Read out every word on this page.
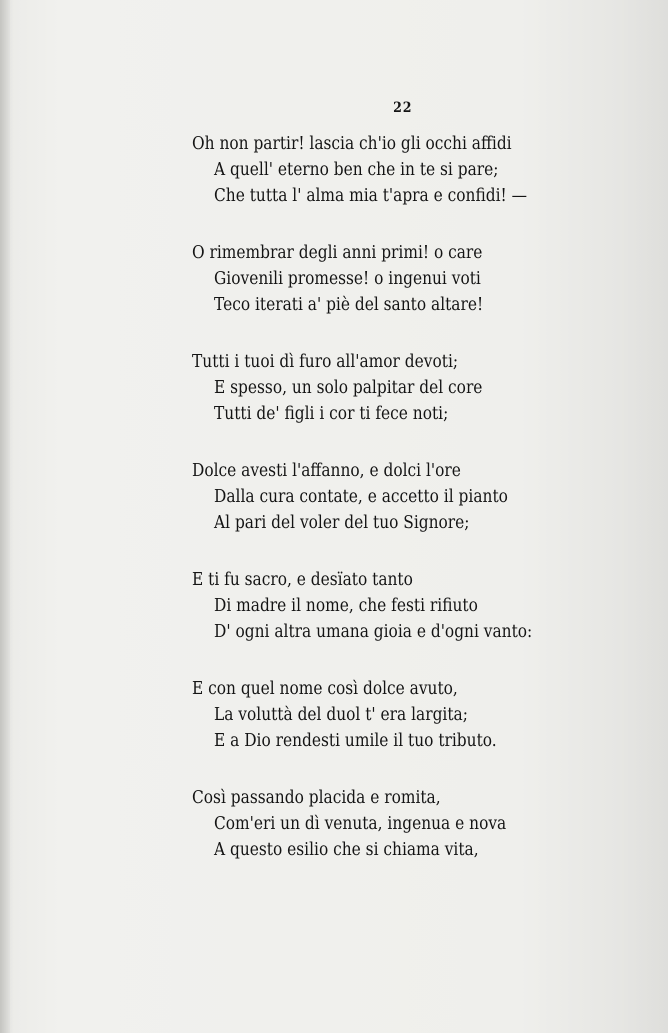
22
Oh non partir! lascia ch'io gli occhi affidi
A quell' eterno ben che in te si pare;
Che tutta l' alma mia t'apra e confidi! —
O rimembrar degli anni primi! o care
Giovenili promesse! o ingenui voti
Teco iterati a' piè del santo altare!
Tutti i tuoi dì furo all'amor devoti;
E spesso, un solo palpitar del core
Tutti de' figli i cor ti fece noti;
Dolce avesti l'affanno, e dolci l'ore
Dalla cura contate, e accetto il pianto
Al pari del voler del tuo Signore;
E ti fu sacro, e desïato tanto
Di madre il nome, che festi rifiuto
D' ogni altra umana gioia e d'ogni vanto:
E con quel nome così dolce avuto,
La voluttà del duol t' era largita;
E a Dio rendesti umile il tuo tributo.
Così passando placida e romita,
Com'eri un dì venuta, ingenua e nova
A questo esilio che si chiama vita,
